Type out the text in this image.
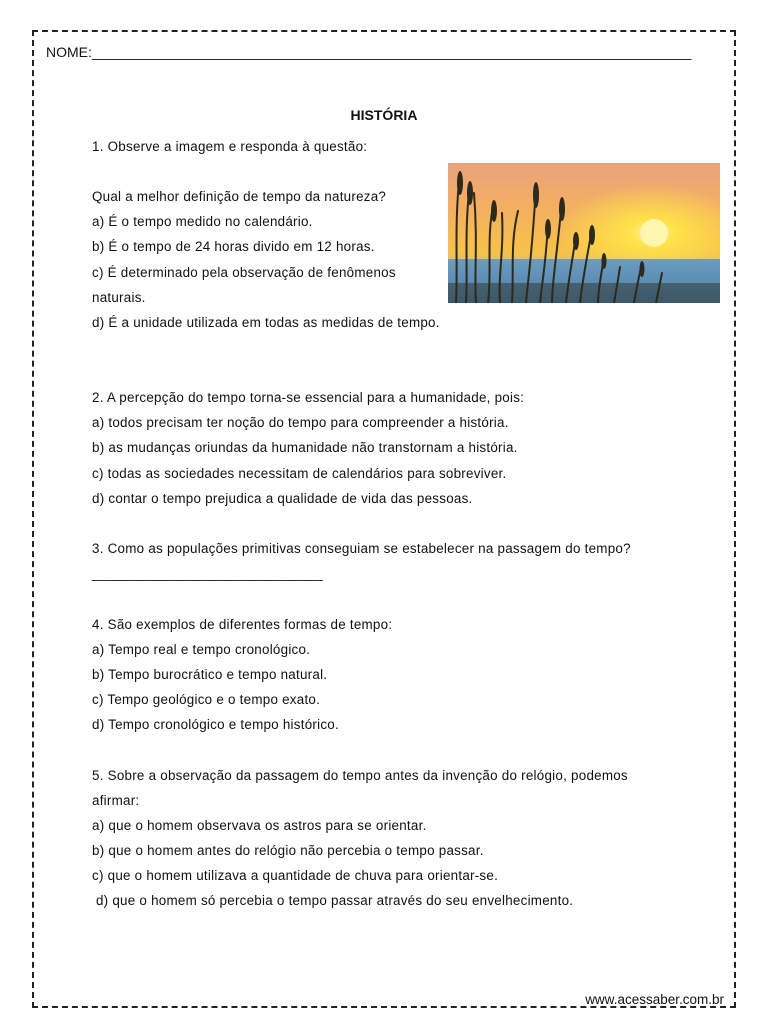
NOME:_____________________________________________________________________________
HISTÓRIA
1. Observe a imagem e responda à questão:
Qual a melhor definição de tempo da natureza?
a) É o tempo medido no calendário.
b) É o tempo de 24 horas divido em 12 horas.
c) É determinado pela observação de fenômenos
naturais.
d) É a unidade utilizada em todas as medidas de tempo.
2. A percepção do tempo torna-se essencial para a humanidade, pois:
a) todos precisam ter noção do tempo para compreender a história.
b) as mudanças oriundas da humanidade não transtornam a história.
c) todas as sociedades necessitam de calendários para sobreviver.
d) contar o tempo prejudica a qualidade de vida das pessoas.
3. Como as populações primitivas conseguiam se estabelecer na passagem do tempo?
______________________________
4. São exemplos de diferentes formas de tempo:
a) Tempo real e tempo cronológico.
b) Tempo burocrático e tempo natural.
c) Tempo geológico e o tempo exato.
d) Tempo cronológico e tempo histórico.
5. Sobre a observação da passagem do tempo antes da invenção do relógio, podemos
afirmar:
a) que o homem observava os astros para se orientar.
b) que o homem antes do relógio não percebia o tempo passar.
c) que o homem utilizava a quantidade de chuva para orientar-se.
d) que o homem só percebia o tempo passar através do seu envelhecimento.
www.acessaber.com.br
